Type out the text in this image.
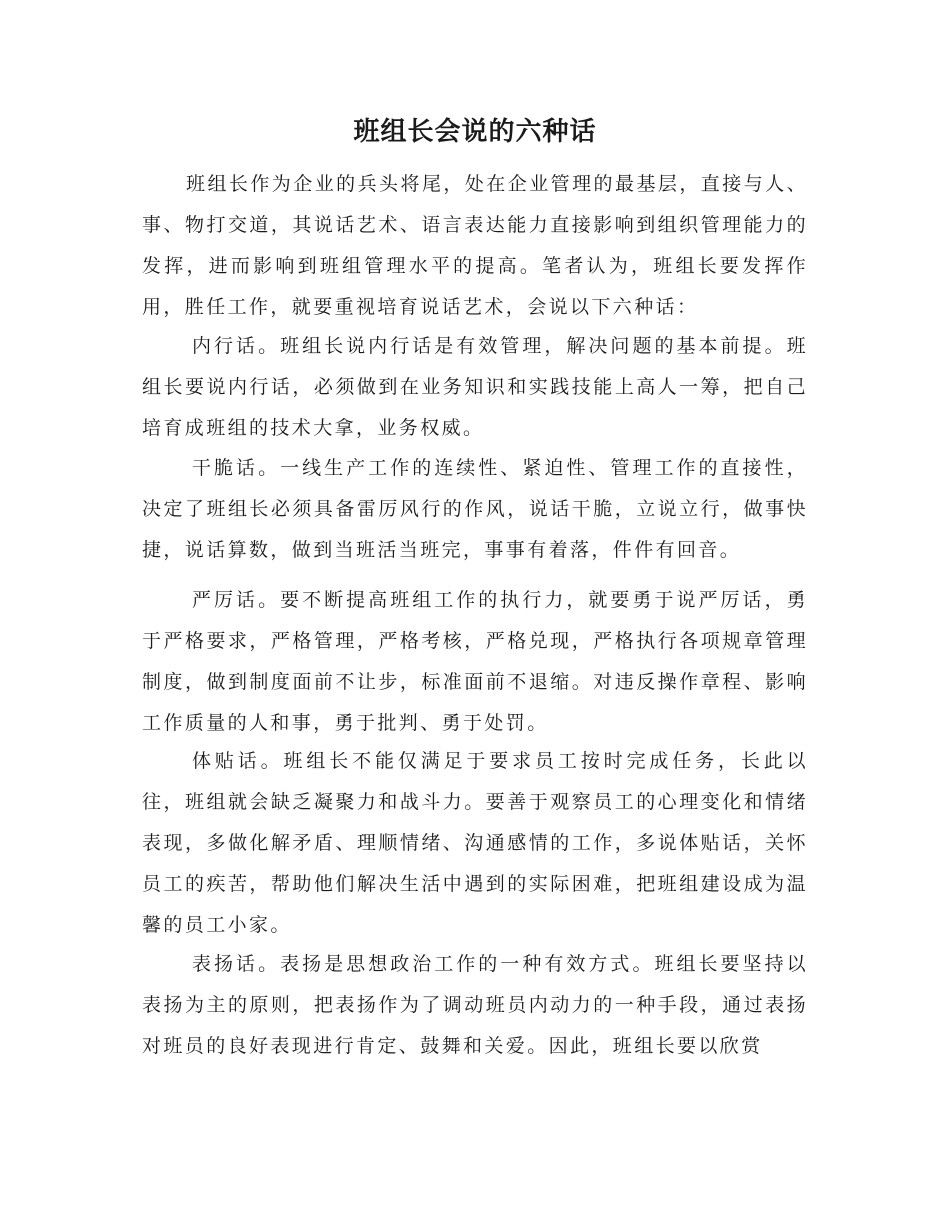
班组长会说的六种话

班组长作为企业的兵头将尾，处在企业管理的最基层，直接与人、事、物打交道，其说话艺术、语言表达能力直接影响到组织管理能力的发挥，进而影响到班组管理水平的提高。笔者认为，班组长要发挥作用，胜任工作，就要重视培育说话艺术，会说以下六种话：

内行话。班组长说内行话是有效管理，解决问题的基本前提。班组长要说内行话，必须做到在业务知识和实践技能上高人一筹，把自己培育成班组的技术大拿，业务权威。

干脆话。一线生产工作的连续性、紧迫性、管理工作的直接性，决定了班组长必须具备雷厉风行的作风，说话干脆，立说立行，做事快捷，说话算数，做到当班活当班完，事事有着落，件件有回音。

严厉话。要不断提高班组工作的执行力，就要勇于说严厉话，勇于严格要求，严格管理，严格考核，严格兑现，严格执行各项规章管理制度，做到制度面前不让步，标准面前不退缩。对违反操作章程、影响工作质量的人和事，勇于批判、勇于处罚。

体贴话。班组长不能仅满足于要求员工按时完成任务，长此以往，班组就会缺乏凝聚力和战斗力。要善于观察员工的心理变化和情绪表现，多做化解矛盾、理顺情绪、沟通感情的工作，多说体贴话，关怀员工的疾苦，帮助他们解决生活中遇到的实际困难，把班组建设成为温馨的员工小家。

表扬话。表扬是思想政治工作的一种有效方式。班组长要坚持以表扬为主的原则，把表扬作为了调动班员内动力的一种手段，通过表扬对班员的良好表现进行肯定、鼓舞和关爱。因此，班组长要以欣赏
